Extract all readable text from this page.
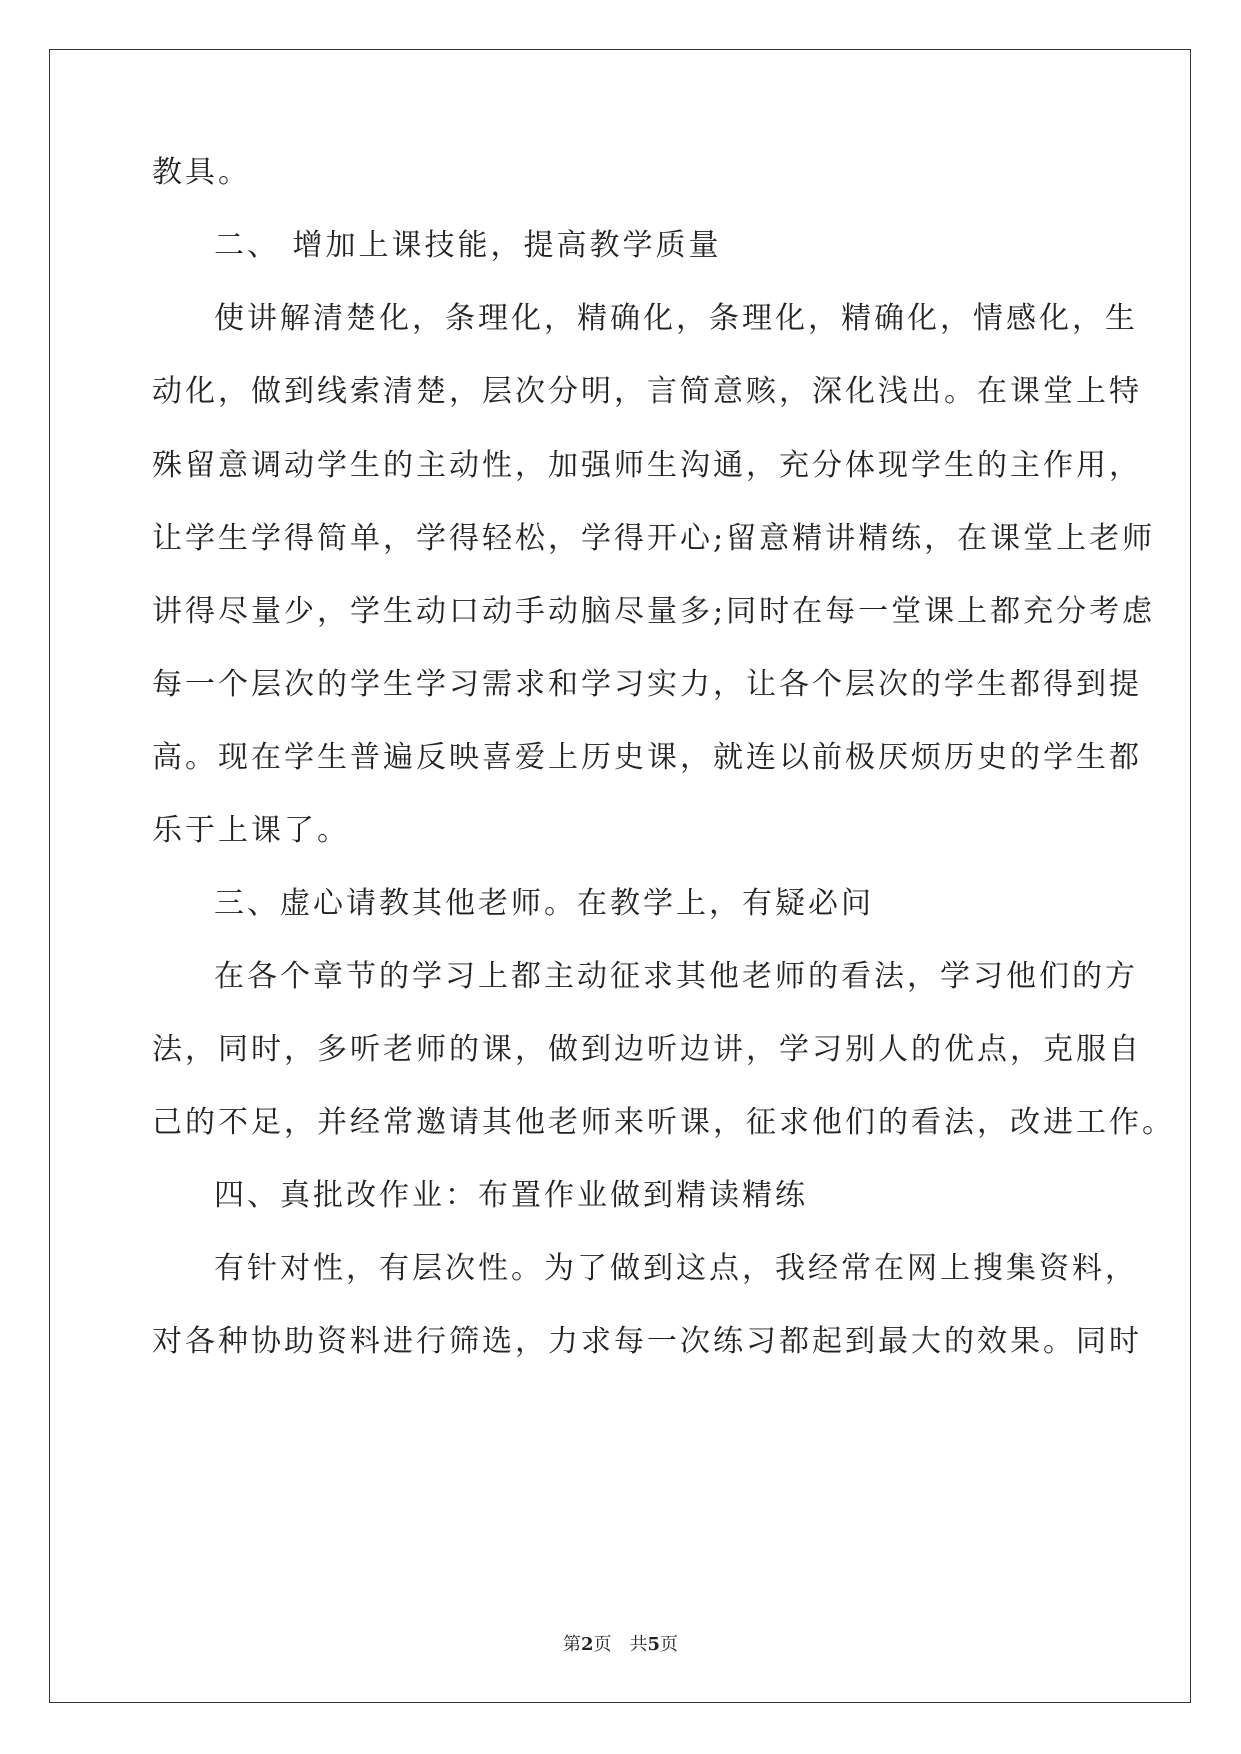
教具。
二、 增加上课技能，提高教学质量
使讲解清楚化，条理化，精确化，条理化，精确化，情感化，生
动化，做到线索清楚，层次分明，言简意赅，深化浅出。在课堂上特
殊留意调动学生的主动性，加强师生沟通，充分体现学生的主作用，
让学生学得简单，学得轻松，学得开心;留意精讲精练，在课堂上老师
讲得尽量少，学生动口动手动脑尽量多;同时在每一堂课上都充分考虑
每一个层次的学生学习需求和学习实力，让各个层次的学生都得到提
高。现在学生普遍反映喜爱上历史课，就连以前极厌烦历史的学生都
乐于上课了。
三、虚心请教其他老师。在教学上，有疑必问
在各个章节的学习上都主动征求其他老师的看法，学习他们的方
法，同时，多听老师的课，做到边听边讲，学习别人的优点，克服自
己的不足，并经常邀请其他老师来听课，征求他们的看法，改进工作。
四、真批改作业：布置作业做到精读精练
有针对性，有层次性。为了做到这点，我经常在网上搜集资料，
对各种协助资料进行筛选，力求每一次练习都起到最大的效果。同时
第2页　共5页
